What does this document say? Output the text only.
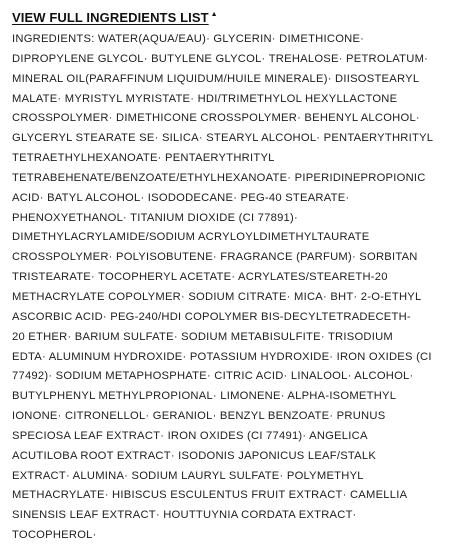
VIEW FULL INGREDIENTS LIST ▲

INGREDIENTS: WATER(AQUA/EAU)· GLYCERIN· DIMETHICONE·
DIPROPYLENE GLYCOL· BUTYLENE GLYCOL· TREHALOSE· PETROLATUM·
MINERAL OIL(PARAFFINUM LIQUIDUM/HUILE MINERALE)· DIISOSTEARYL
MALATE· MYRISTYL MYRISTATE· HDI/TRIMETHYLOL HEXYLLACTONE
CROSSPOLYMER· DIMETHICONE CROSSPOLYMER· BEHENYL ALCOHOL·
GLYCERYL STEARATE SE· SILICA· STEARYL ALCOHOL· PENTAERYTHRITYL
TETRAETHYLHEXANOATE· PENTAERYTHRITYL
TETRABEHENATE/BENZOATE/ETHYLHEXANOATE· PIPERIDINEPROPIONIC
ACID· BATYL ALCOHOL· ISODODECANE· PEG-40 STEARATE·
PHENOXYETHANOL· TITANIUM DIOXIDE (CI 77891)·
DIMETHYLACRYLAMIDE/SODIUM ACRYLOYLDIMETHYLTAURATE
CROSSPOLYMER· POLYISOBUTENE· FRAGRANCE (PARFUM)· SORBITAN
TRISTEARATE· TOCOPHERYL ACETATE· ACRYLATES/STEARETH-20
METHACRYLATE COPOLYMER· SODIUM CITRATE· MICA· BHT· 2-O-ETHYL
ASCORBIC ACID· PEG-240/HDI COPOLYMER BIS-DECYLTETRADECETH-
20 ETHER· BARIUM SULFATE· SODIUM METABISULFITE· TRISODIUM
EDTA· ALUMINUM HYDROXIDE· POTASSIUM HYDROXIDE· IRON OXIDES (CI
77492)· SODIUM METAPHOSPHATE· CITRIC ACID· LINALOOL· ALCOHOL·
BUTYLPHENYL METHYLPROPIONAL· LIMONENE· ALPHA-ISOMETHYL
IONONE· CITRONELLOL· GERANIOL· BENZYL BENZOATE· PRUNUS
SPECIOSA LEAF EXTRACT· IRON OXIDES (CI 77491)· ANGELICA
ACUTILOBA ROOT EXTRACT· ISODONIS JAPONICUS LEAF/STALK
EXTRACT· ALUMINA· SODIUM LAURYL SULFATE· POLYMETHYL
METHACRYLATE· HIBISCUS ESCULENTUS FRUIT EXTRACT· CAMELLIA
SINENSIS LEAF EXTRACT· HOUTTUYNIA CORDATA EXTRACT·
TOCOPHEROL·
